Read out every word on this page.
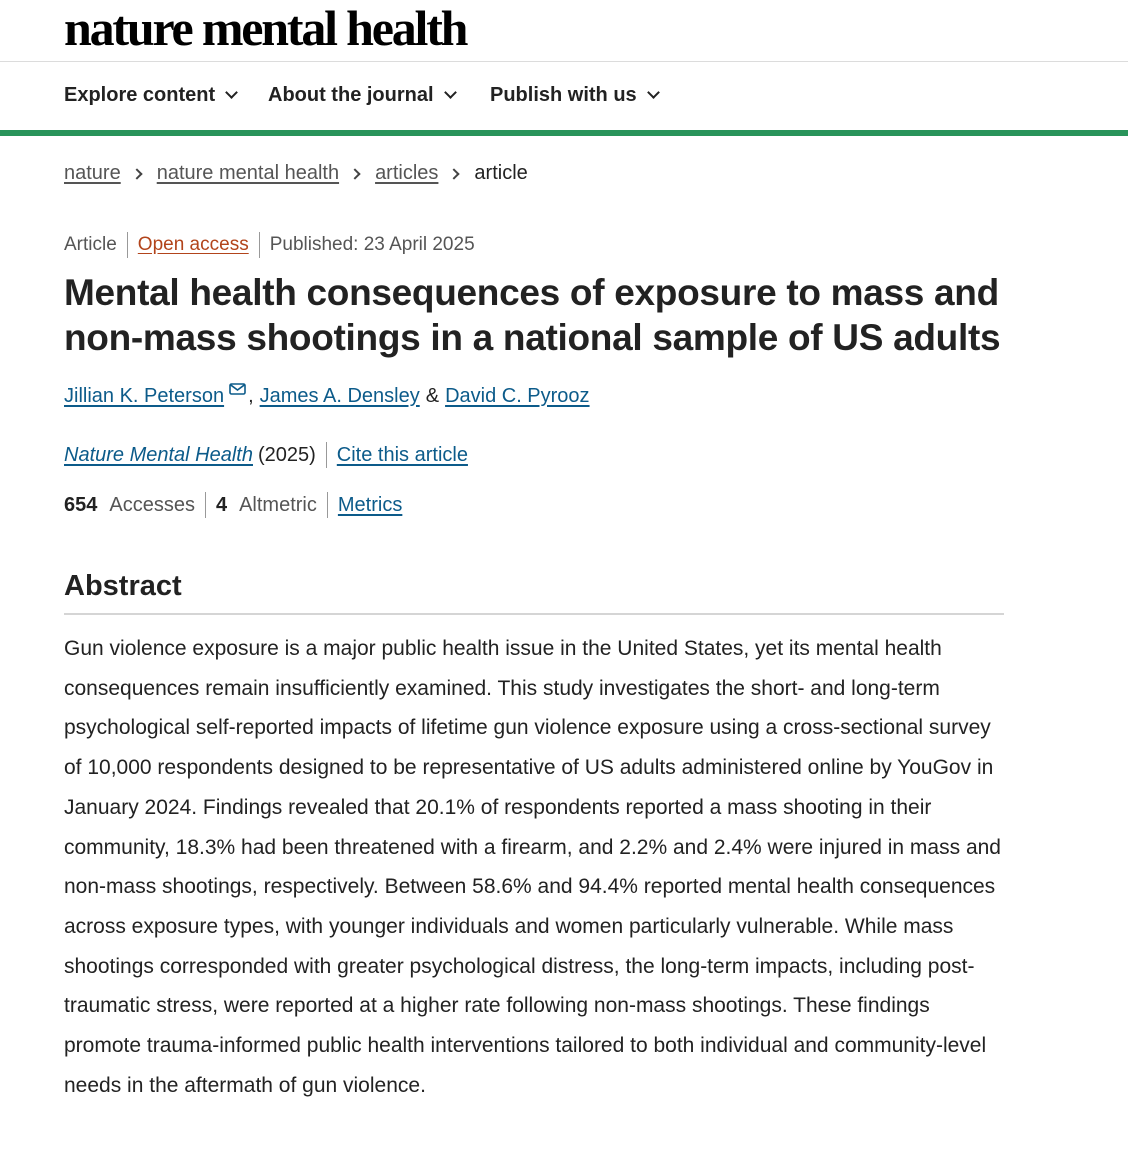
nature mental health
Explore content	About the journal	Publish with us
nature nature mental health articles article
Article Open access Published: 23 April 2025
Mental health consequences of exposure to mass and non-mass shootings in a national sample of US adults
Jillian K. Peterson , James A. Densley & David C. Pyrooz
Nature Mental Health (2025) Cite this article
654 Accesses 4 Altmetric Metrics
Abstract

Gun violence exposure is a major public health issue in the United States, yet its mental health consequences remain insufficiently examined. This study investigates the short- and long-term psychological self-reported impacts of lifetime gun violence exposure using a cross-sectional survey of 10,000 respondents designed to be representative of US adults administered online by YouGov in January 2024. Findings revealed that 20.1% of respondents reported a mass shooting in their community, 18.3% had been threatened with a firearm, and 2.2% and 2.4% were injured in mass and non-mass shootings, respectively. Between 58.6% and 94.4% reported mental health consequences across exposure types, with younger individuals and women particularly vulnerable. While mass shootings corresponded with greater psychological distress, the long-term impacts, including post-traumatic stress, were reported at a higher rate following non-mass shootings. These findings promote trauma-informed public health interventions tailored to both individual and community-level needs in the aftermath of gun violence.
